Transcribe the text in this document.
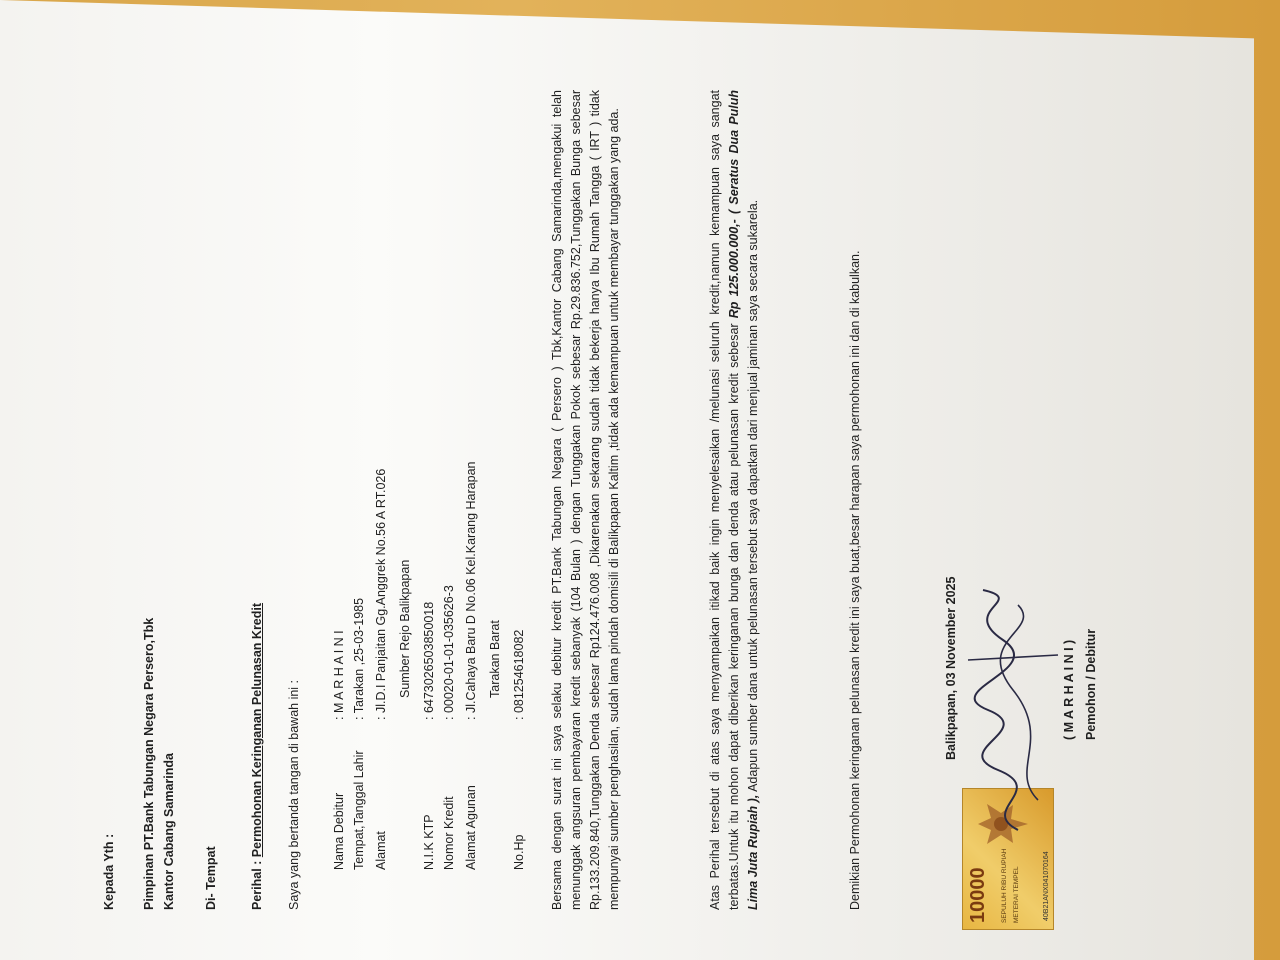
Kepada Yth : Pimpinan PT.Bank Tabungan Negara Persero,Tbk Kantor Cabang Samarinda Di- Tempat	Perihal : Permohonan Keringanan Pelunasan Kredit Saya yang bertanda tangan di bawah ini : Nama Debitur
: M A R H A I N I
Tempat,Tanggal Lahir
: Tarakan ,25-03-1985
Alamat
: Jl.D.I Panjaitan Gg.Anggrek No.56 A RT.026 Sumber Rejo Balikpapan
N.I.K KTP
: 6473026503850018
Nomor Kredit
: 00020-01-01-035626-3
Alamat Agunan
: Jl.Cahaya Baru D No.06 Kel.Karang Harapan Tarakan Barat
No.Hp
: 081254618082 Bersama dengan surat ini saya selaku debitur kredit PT.Bank Tabungan Negara ( Persero ) Tbk,Kantor Cabang Samarinda,mengakui telah menunggak angsuran pembayaran kredit sebanyak (104 Bulan ) dengan Tunggakan Pokok sebesar Rp.29.836.752,Tunggakan Bunga sebesar Rp.133.209.840,Tunggakan Denda sebesar Rp124.476.008 ,Dikarenakan sekarang sudah tidak bekerja hanya Ibu Rumah Tangga ( IRT ) tidak mempunyai sumber penghasilan, sudah lama pindah domisili di Balikpapan Kaltim ,tidak ada kemampuan untuk membayar tunggakan yang ada.	Atas Perihal tersebut di atas saya menyampaikan itikad baik ingin menyelesaikan /melunasi seluruh kredit,namun kemampuan saya sangat terbatas.Untuk itu mohon dapat diberikan keringanan bunga dan denda atau pelunasan kredit sebesar Rp 125.000.000,- ( Seratus Dua Puluh Lima Juta Rupiah ), Adapun sumber dana untuk pelunasan tersebut saya dapatkan dari menjual jaminan saya secara sukarela.	Demikian Permohonan keringanan pelunasan kredit ini saya buat,besar harapan saya permohonan ini dan di kabulkan.	Balikpapan, 03 November 2025

10000	SEPULUH RIBU RUPIAH METERAI TEMPEL	40B21ANX041070164

( M A R H A I N I ) Pemohon / Debitur
